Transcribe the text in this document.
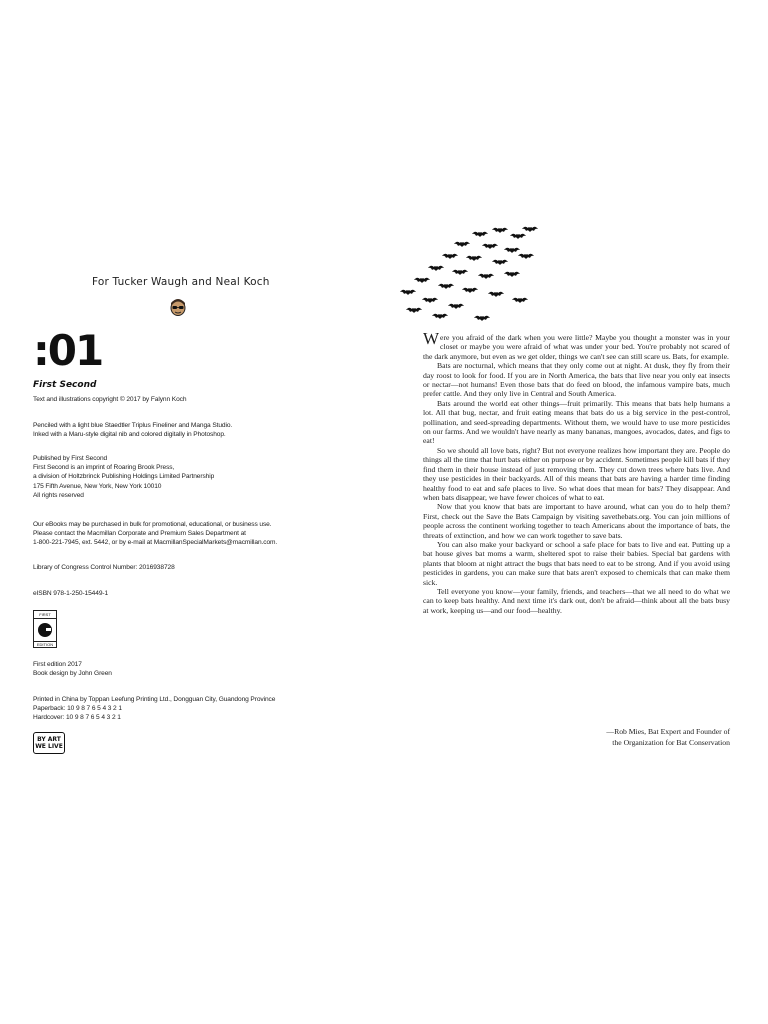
For Tucker Waugh and Neal Koch
:01
First Second

Text and illustrations copyright © 2017 by Falynn Koch

Penciled with a light blue Staedtler Triplus Fineliner and Manga Studio.

Inked with a Maru-style digital nib and colored digitally in Photoshop.

Published by First Second

First Second is an imprint of Roaring Brook Press,

a division of Holtzbrinck Publishing Holdings Limited Partnership

175 Fifth Avenue, New York, New York 10010

All rights reserved

Our eBooks may be purchased in bulk for promotional, educational, or business use.

Please contact the Macmillan Corporate and Premium Sales Department at

1-800-221-7945, ext. 5442, or by e-mail at MacmillanSpecialMarkets@macmillan.com.

Library of Congress Control Number: 2016938728

eISBN 978-1-250-15449-1

FIRST
EDITION

First edition 2017

Book design by John Green

Printed in China by Toppan Leefung Printing Ltd., Dongguan City, Guandong Province

Paperback: 10 9 8 7 6 5 4 3 2 1

Hardcover: 10 9 8 7 6 5 4 3 2 1

BY ART
WE LIVE

Were you afraid of the dark when you were little? Maybe you thought a monster was in your closet or maybe you were afraid of what was under your bed. You're probably not scared of the dark anymore, but even as we get older, things we can't see can still scare us. Bats, for example.

Bats are nocturnal, which means that they only come out at night. At dusk, they fly from their day roost to look for food. If you are in North America, the bats that live near you only eat insects or nectar—not humans! Even those bats that do feed on blood, the infamous vampire bats, much prefer cattle. And they only live in Central and South America.

Bats around the world eat other things—fruit primarily. This means that bats help humans a lot. All that bug, nectar, and fruit eating means that bats do us a big service in the pest-control, pollination, and seed-spreading departments. Without them, we would have to use more pesticides on our farms. And we wouldn't have nearly as many bananas, mangoes, avocados, dates, and figs to eat!

So we should all love bats, right? But not everyone realizes how important they are. People do things all the time that hurt bats either on purpose or by accident. Sometimes people kill bats if they find them in their house instead of just removing them. They cut down trees where bats live. And they use pesticides in their backyards. All of this means that bats are having a harder time finding healthy food to eat and safe places to live. So what does that mean for bats? They disappear. And when bats disappear, we have fewer choices of what to eat.

Now that you know that bats are important to have around, what can you do to help them? First, check out the Save the Bats Campaign by visiting savethebats.org. You can join millions of people across the continent working together to teach Americans about the importance of bats, the threats of extinction, and how we can work together to save bats.

You can also make your backyard or school a safe place for bats to live and eat. Putting up a bat house gives bat moms a warm, sheltered spot to raise their babies. Special bat gardens with plants that bloom at night attract the bugs that bats need to eat to be strong. And if you avoid using pesticides in gardens, you can make sure that bats aren't exposed to chemicals that can make them sick.

Tell everyone you know—your family, friends, and teachers—that we all need to do what we can to keep bats healthy. And next time it's dark out, don't be afraid—think about all the bats busy at work, keeping us—and our food—healthy.

—Rob Mies, Bat Expert and Founder of

the Organization for Bat Conservation
